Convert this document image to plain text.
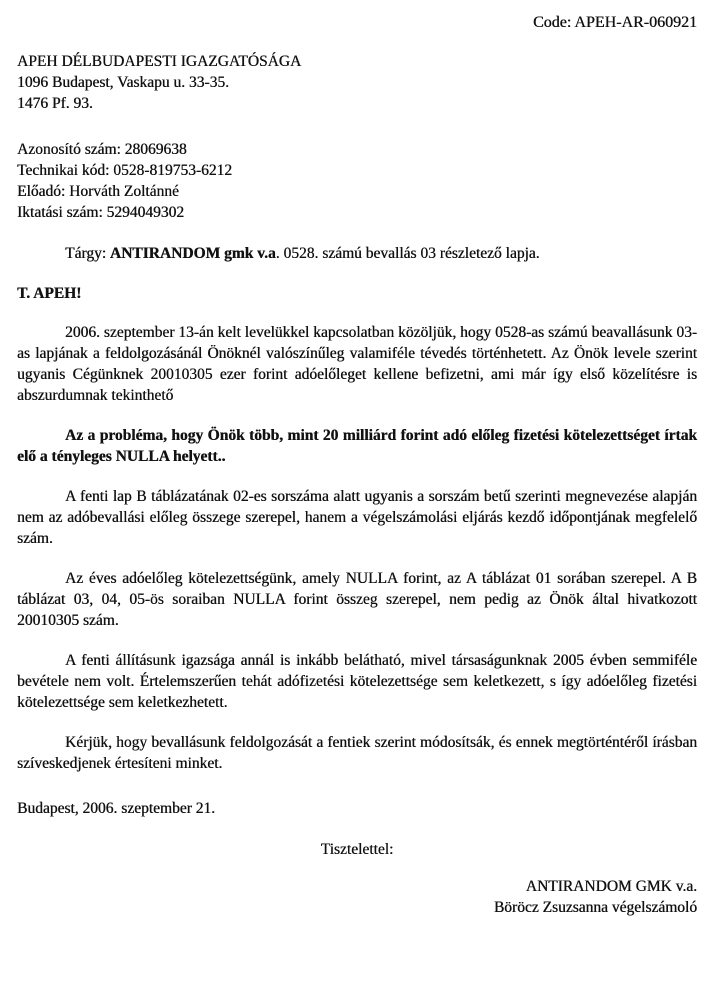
Code: APEH-AR-060921
APEH DÉLBUDAPESTI IGAZGATÓSÁGA
1096 Budapest, Vaskapu u. 33-35.
1476 Pf. 93.
Azonosító szám: 28069638
Technikai kód: 0528-819753-6212
Előadó: Horváth Zoltánné
Iktatási szám: 5294049302
Tárgy: ANTIRANDOM gmk v.a. 0528. számú bevallás 03 részletező lapja.
T. APEH!

2006. szeptember 13-án kelt levelükkel kapcsolatban közöljük, hogy 0528-as számú beavallásunk 03-as lapjának a feldolgozásánál Önöknél valószínűleg valamiféle tévedés történhetett. Az Önök levele szerint ugyanis Cégünknek 20010305 ezer forint adóelőleget kellene befizetni, ami már így első közelítésre is abszurdumnak tekinthető

Az a probléma, hogy Önök több, mint 20 milliárd forint adó előleg fizetési kötelezettséget írtak elő a tényleges NULLA helyett..

A fenti lap B táblázatának 02-es sorszáma alatt ugyanis a sorszám betű szerinti megnevezése alapján nem az adóbevallási előleg összege szerepel, hanem a végelszámolási eljárás kezdő időpontjának megfelelő szám.

Az éves adóelőleg kötelezettségünk, amely NULLA forint, az A táblázat 01 sorában szerepel. A B táblázat 03, 04, 05-ös soraiban NULLA forint összeg szerepel, nem pedig az Önök által hivatkozott 20010305 szám.

A fenti állításunk igazsága annál is inkább belátható, mivel társaságunknak 2005 évben semmiféle bevétele nem volt. Értelemszerűen tehát adófizetési kötelezettsége sem keletkezett, s így adóelőleg fizetési kötelezettsége sem keletkezhetett.

Kérjük, hogy bevallásunk feldolgozását a fentiek szerint módosítsák, és ennek megtörténtéről írásban szíveskedjenek értesíteni minket.

Budapest, 2006. szeptember 21.
Tisztelettel:
ANTIRANDOM GMK v.a.
Böröcz Zsuzsanna végelszámoló
